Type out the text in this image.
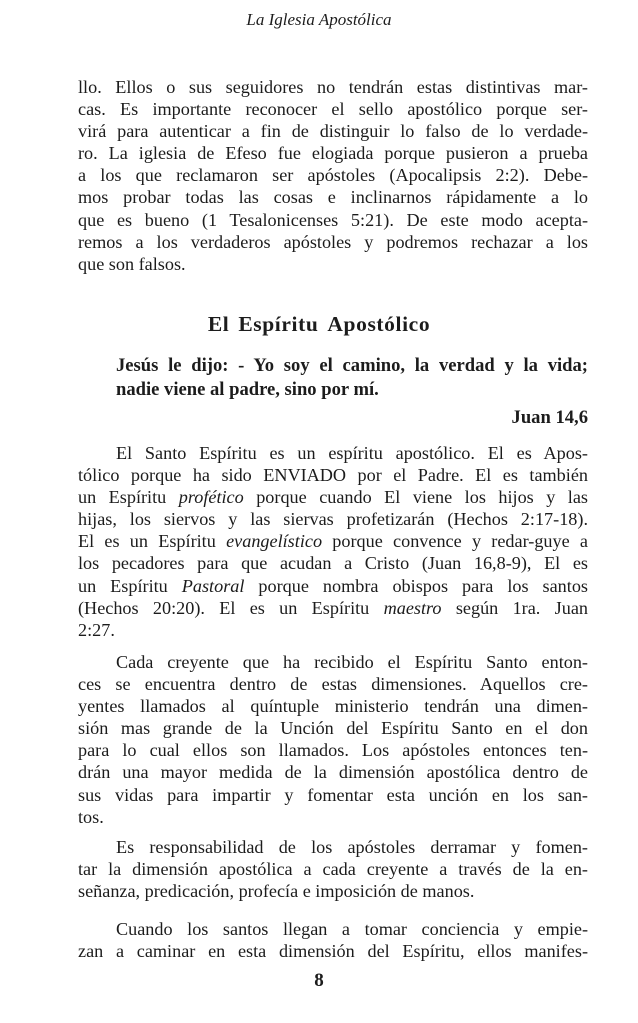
La Iglesia Apostólica
llo. Ellos o sus seguidores no tendrán estas distintivas mar-
cas. Es importante reconocer el sello apostólico porque ser-
virá para autenticar a fin de distinguir lo falso de lo verdade-
ro. La iglesia de Efeso fue elogiada porque pusieron a prueba
a los que reclamaron ser apóstoles (Apocalipsis 2:2). Debe-
mos probar todas las cosas e inclinarnos rápidamente a lo
que es bueno (1 Tesalonicenses 5:21). De este modo acepta-
remos a los verdaderos apóstoles y podremos rechazar a los
que son falsos.
El Espíritu Apostólico
Jesús le dijo: - Yo soy el camino, la verdad y la vida;
nadie viene al padre, sino por mí.
Juan 14,6
El Santo Espíritu es un espíritu apostólico. El es Apos-
tólico porque ha sido ENVIADO por el Padre. El es también
un Espíritu profético porque cuando El viene los hijos y las
hijas, los siervos y las siervas profetizarán (Hechos 2:17-18).
El es un Espíritu evangelístico porque convence y redar-guye a
los pecadores para que acudan a Cristo (Juan 16,8-9), El es
un Espíritu Pastoral porque nombra obispos para los santos
(Hechos 20:20). El es un Espíritu maestro según 1ra. Juan
2:27.
Cada creyente que ha recibido el Espíritu Santo enton-
ces se encuentra dentro de estas dimensiones. Aquellos cre-
yentes llamados al quíntuple ministerio tendrán una dimen-
sión mas grande de la Unción del Espíritu Santo en el don
para lo cual ellos son llamados. Los apóstoles entonces ten-
drán una mayor medida de la dimensión apostólica dentro de
sus vidas para impartir y fomentar esta unción en los san-
tos.
Es responsabilidad de los apóstoles derramar y fomen-
tar la dimensión apostólica a cada creyente a través de la en-
señanza, predicación, profecía e imposición de manos.
Cuando los santos llegan a tomar conciencia y empie-
zan a caminar en esta dimensión del Espíritu, ellos manifes-
8
